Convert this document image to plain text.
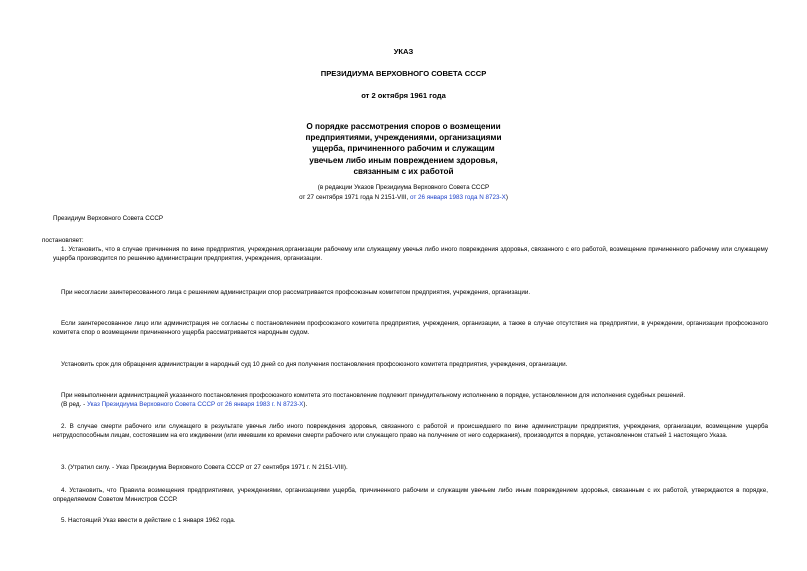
УКАЗ
ПРЕЗИДИУМА ВЕРХОВНОГО СОВЕТА СССР
от 2 октября 1961 года
О порядке рассмотрения споров о возмещении
предприятиями, учреждениями, организациями
ущерба, причиненного рабочим и служащим
увечьем либо иным повреждением здоровья,
связанным с их работой
(в редакции Указов Президиума Верховного Совета СССР
от 27 сентября 1971 года N 2151-VIII, от 26 января 1983 года N 8723-X)
Президиум Верховного Совета СССР
постановляет:
1. Установить, что в случае причинения по вине предприятия, учреждения,организации рабочему или служащему увечья либо иного повреждения здоровья, связанного с его работой, возмещение причиненного рабочему или служащему ущерба производится по решению администрации предприятия, учреждения, организации.
При несогласии заинтересованного лица с решением администрации спор рассматривается профсоюзным комитетом предприятия, учреждения, организации.
Если заинтересованное лицо или администрация не согласны с постановлением профсоюзного комитета предприятия, учреждения, организации, а также в случае отсутствия на предприятии, в учреждении, организации профсоюзного комитета спор о возмещении причиненного ущерба рассматривается народным судом.
Установить срок для обращения администрации в народный суд 10 дней со дня получения постановления профсоюзного комитета предприятия, учреждения, организации.
При невыполнении администрацией указанного постановления профсоюзного комитета это постановление подлежит принудительному исполнению в порядке, установленном для исполнения судебных решений.
(В ред. - Указ Президиума Верховного Совета СССР от 26 января 1983 г. N 8723-X).
2. В случае смерти рабочего или служащего в результате увечья либо иного повреждения здоровья, связанного с работой и происшедшего по вине администрации предприятия, учреждения, организации, возмещение ущерба нетрудоспособным лицам, состоявшим на его иждивении (или имевшим ко времени смерти рабочего или служащего право на получение от него содержания), производится в порядке, установленном статьей 1 настоящего Указа.
3. (Утратил силу. - Указ Президиума Верховного Совета СССР от 27 сентября 1971 г. N 2151-VIII).
4. Установить, что Правила возмещения предприятиями, учреждениями, организациями ущерба, причиненного рабочим и служащим увечьем либо иным повреждением здоровья, связанным с их работой, утверждаются в порядке, определяемом Советом Министров СССР.
5. Настоящий Указ ввести в действие с 1 января 1962 года.
